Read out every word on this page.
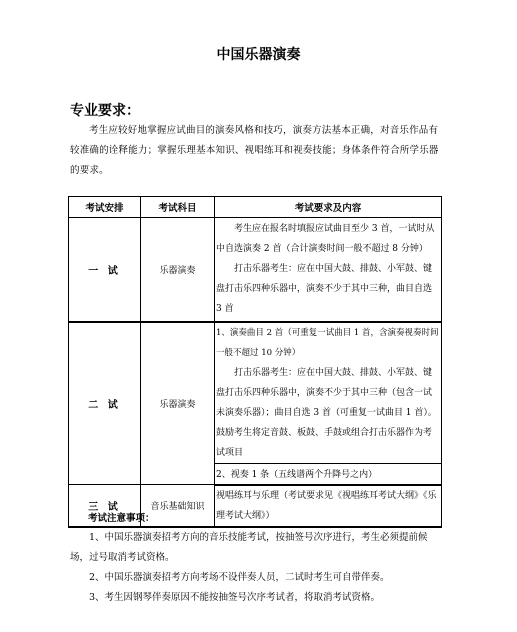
中国乐器演奏
专业要求：
考生应较好地掌握应试曲目的演奏风格和技巧，演奏方法基本正确，对音乐作品有较准确的诠释能力；掌握乐理基本知识、视唱练耳和视奏技能；身体条件符合所学乐器的要求。
考试安排	考试科目	考试要求及内容
一 试	乐器演奏	考生应在报名时填报应试曲目至少 3 首，一试时从中自选演奏 2 首（合计演奏时间一般不超过 8 分钟）

打击乐器考生：应在中国大鼓、排鼓、小军鼓、键盘打击乐四种乐器中，演奏不少于其中三种，曲目自选 3 首

二 试	乐器演奏	1、演奏曲目 2 首（可重复一试曲目 1 首，含演奏视奏时间一般不超过 10 分钟）

打击乐器考生：应在中国大鼓、排鼓、小军鼓、键盘打击乐四种乐器中，演奏不少于其中三种（包含一试未演奏乐器）；曲目自选 3 首（可重复一试曲目 1 首）。

鼓励考生将定音鼓、板鼓、手鼓或组合打击乐器作为考试项目

		2、视奏 1 条（五线谱两个升降号之内）
三 试	音乐基础知识	视唱练耳与乐理（考试要求见《视唱练耳考试大纲》《乐理考试大纲》）

考试注意事项：

1、中国乐器演奏招考方向的音乐技能考试，按抽签号次序进行，考生必须提前候场，过号取消考试资格。

2、中国乐器演奏招考方向考场不设伴奏人员，二试时考生可自带伴奏。

3、考生因钢琴伴奏原因不能按抽签号次序考试者，将取消考试资格。
